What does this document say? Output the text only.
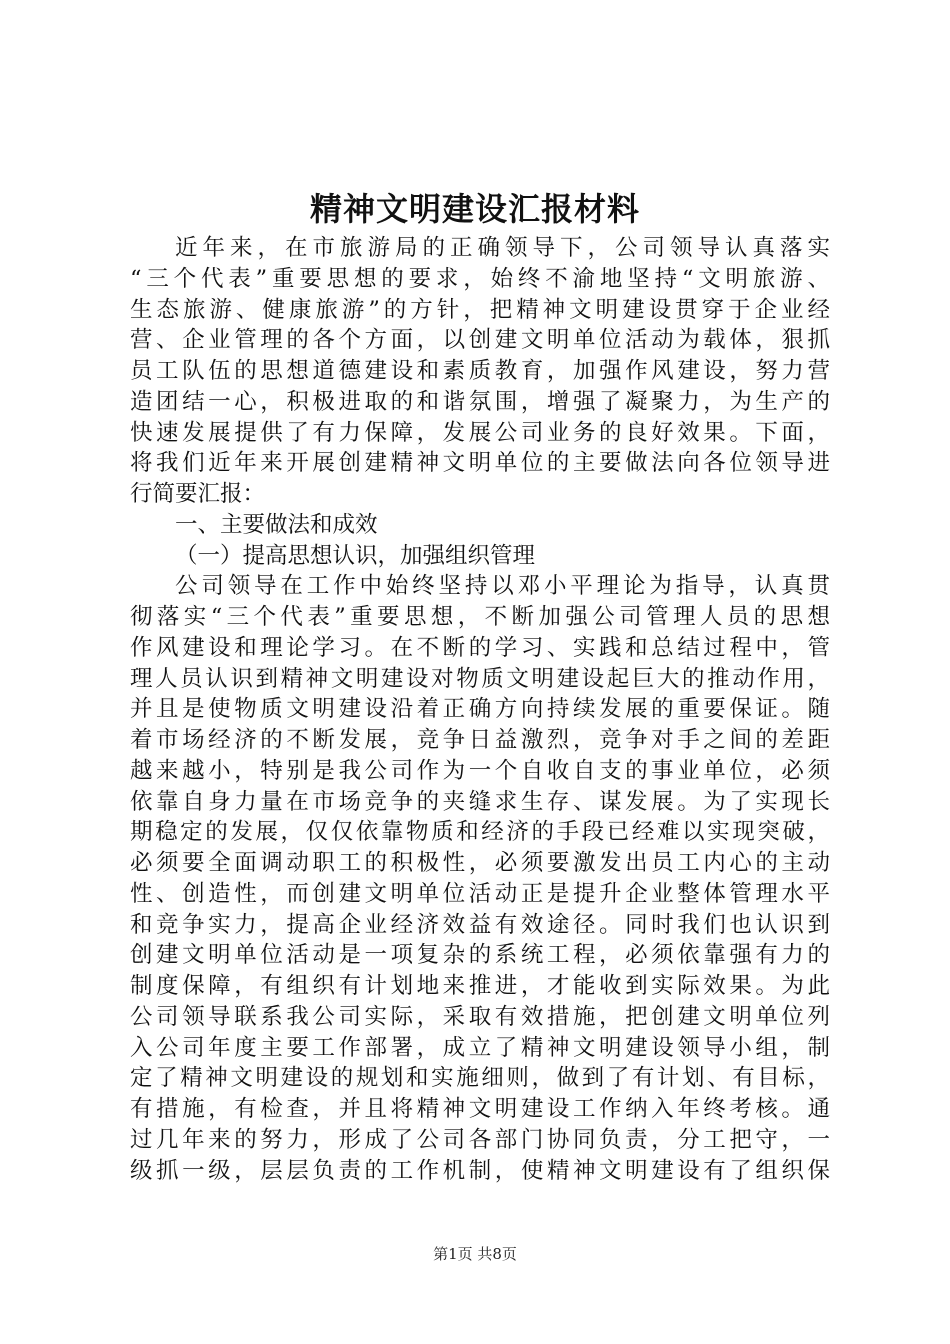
精神文明建设汇报材料
近年来，在市旅游局的正确领导下，公司领导认真落实
“三个代表”重要思想的要求，始终不渝地坚持“文明旅游、
生态旅游、健康旅游”的方针，把精神文明建设贯穿于企业经
营、企业管理的各个方面，以创建文明单位活动为载体，狠抓
员工队伍的思想道德建设和素质教育，加强作风建设，努力营
造团结一心，积极进取的和谐氛围，增强了凝聚力，为生产的
快速发展提供了有力保障，发展公司业务的良好效果。下面，
将我们近年来开展创建精神文明单位的主要做法向各位领导进
行简要汇报：
一、主要做法和成效
（一）提高思想认识，加强组织管理
公司领导在工作中始终坚持以邓小平理论为指导，认真贯
彻落实“三个代表”重要思想，不断加强公司管理人员的思想
作风建设和理论学习。在不断的学习、实践和总结过程中，管
理人员认识到精神文明建设对物质文明建设起巨大的推动作用，
并且是使物质文明建设沿着正确方向持续发展的重要保证。随
着市场经济的不断发展，竞争日益激烈，竞争对手之间的差距
越来越小，特别是我公司作为一个自收自支的事业单位，必须
依靠自身力量在市场竞争的夹缝求生存、谋发展。为了实现长
期稳定的发展，仅仅依靠物质和经济的手段已经难以实现突破，
必须要全面调动职工的积极性，必须要激发出员工内心的主动
性、创造性，而创建文明单位活动正是提升企业整体管理水平
和竞争实力，提高企业经济效益有效途径。同时我们也认识到
创建文明单位活动是一项复杂的系统工程，必须依靠强有力的
制度保障，有组织有计划地来推进，才能收到实际效果。为此
公司领导联系我公司实际，采取有效措施，把创建文明单位列
入公司年度主要工作部署，成立了精神文明建设领导小组，制
定了精神文明建设的规划和实施细则，做到了有计划、有目标，
有措施，有检查，并且将精神文明建设工作纳入年终考核。通
过几年来的努力，形成了公司各部门协同负责，分工把守，一
级抓一级，层层负责的工作机制，使精神文明建设有了组织保
第1页 共8页
